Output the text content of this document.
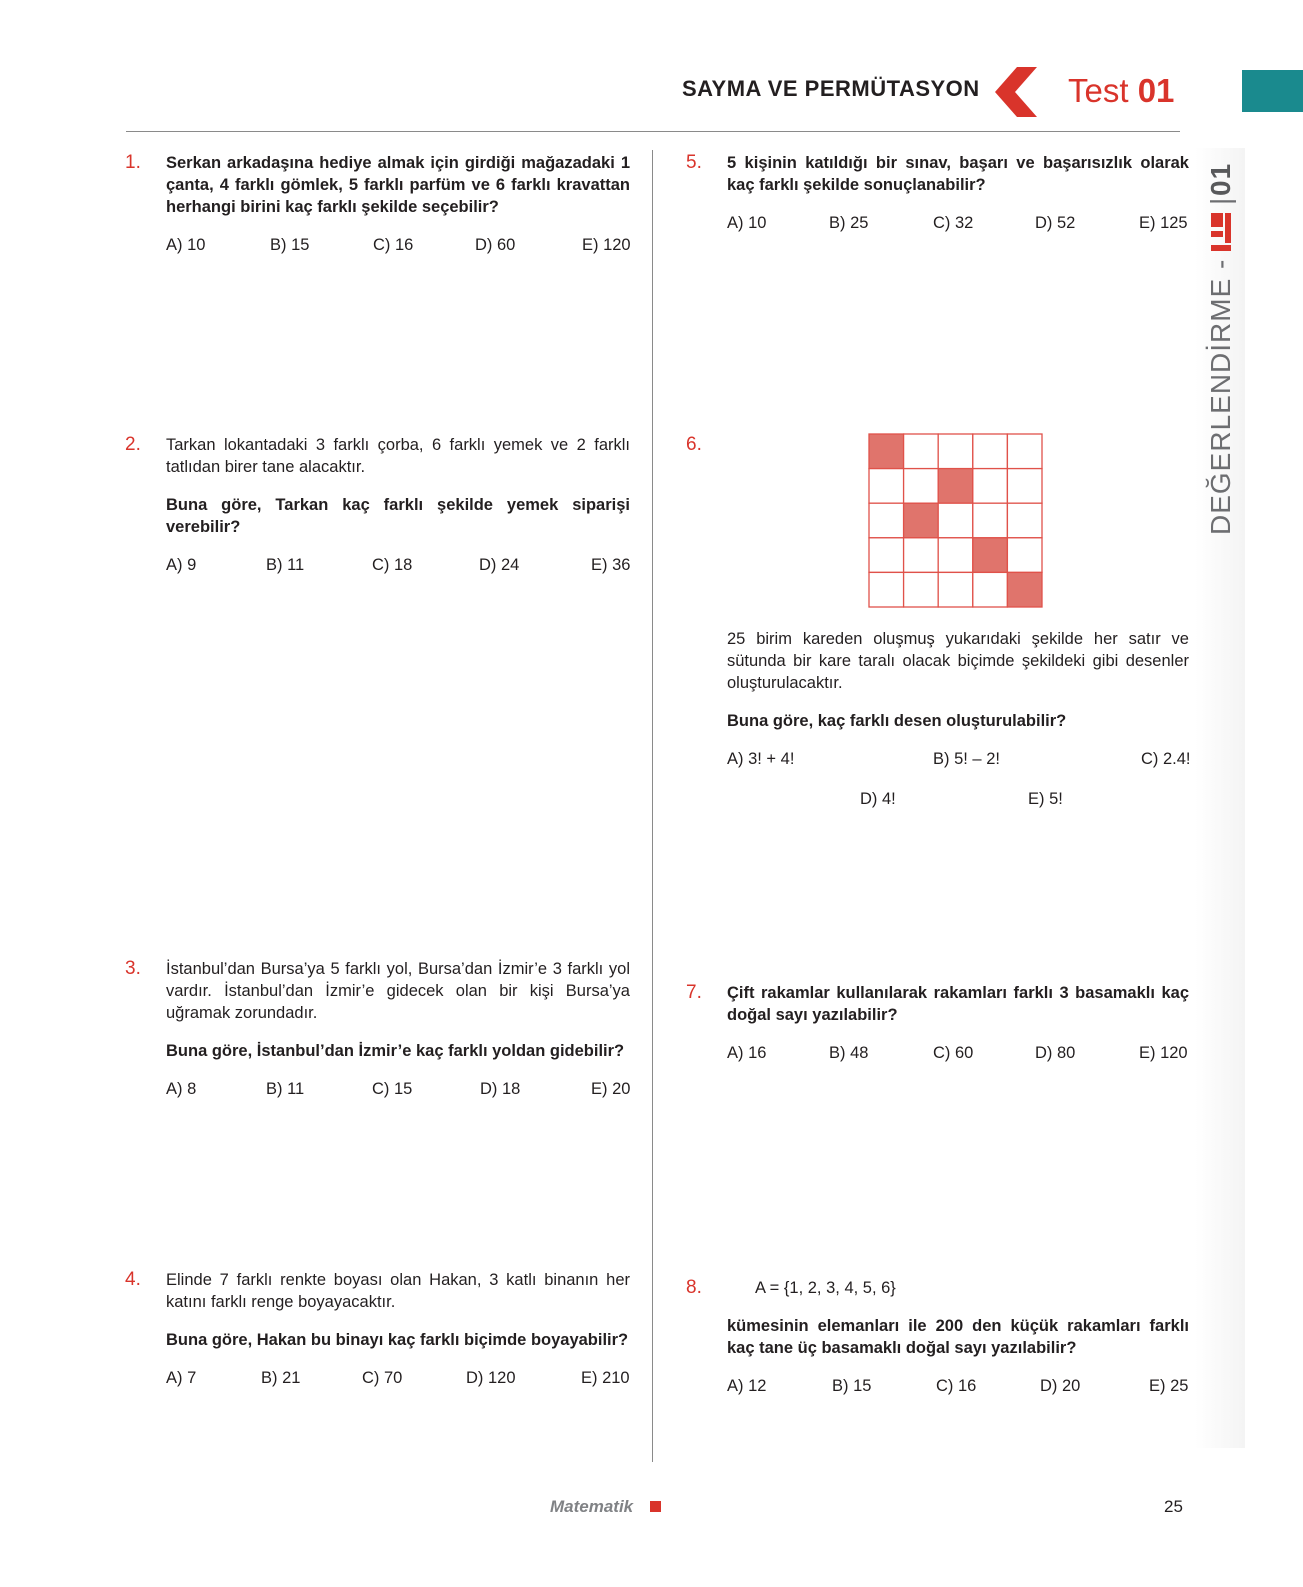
SAYMA VE PERMÜTASYON	Test 01
DEĞERLENDİRME -
|
01
1. Serkan arkadaşına hediye almak için girdiği mağazadaki 1 çanta, 4 farklı gömlek, 5 farklı parfüm ve 6 farklı kravattan herhangi birini kaç farklı şekilde seçebilir?

A) 10	B) 15	C) 16	D) 60	E) 120
2. Tarkan lokantadaki 3 farklı çorba, 6 farklı yemek ve 2 farklı tatlıdan birer tane alacaktır.

Buna göre, Tarkan kaç farklı şekilde yemek siparişi verebilir?

A) 9	B) 11	C) 18	D) 24	E) 36
3. İstanbul’dan Bursa’ya 5 farklı yol, Bursa’dan İzmir’e 3 farklı yol vardır. İstanbul’dan İzmir’e gidecek olan bir kişi Bursa’ya uğramak zorundadır.

Buna göre, İstanbul’dan İzmir’e kaç farklı yoldan gidebilir?

A) 8	B) 11	C) 15	D) 18	E) 20
4. Elinde 7 farklı renkte boyası olan Hakan, 3 katlı binanın her katını farklı renge boyayacaktır.

Buna göre, Hakan bu binayı kaç farklı biçimde boyayabilir?

A) 7	B) 21	C) 70	D) 120	E) 210
5. 5 kişinin katıldığı bir sınav, başarı ve başarısızlık olarak kaç farklı şekilde sonuçlanabilir?

A) 10	B) 25	C) 32	D) 52	E) 125
6.

25 birim kareden oluşmuş yukarıdaki şekilde her satır ve sütunda bir kare taralı olacak biçimde şekildeki gibi desenler oluşturulacaktır.

Buna göre, kaç farklı desen oluşturulabilir?

A) 3! + 4!	B) 5! – 2!	C) 2.4!
D) 4!	E) 5!
7. Çift rakamlar kullanılarak rakamları farklı 3 basamaklı kaç doğal sayı yazılabilir?

A) 16	B) 48	C) 60	D) 80	E) 120
8.	A = {1, 2, 3, 4, 5, 6}

kümesinin elemanları ile 200 den küçük rakamları farklı kaç tane üç basamaklı doğal sayı yazılabilir?

A) 12	B) 15	C) 16	D) 20	E) 25
Matematik	25
